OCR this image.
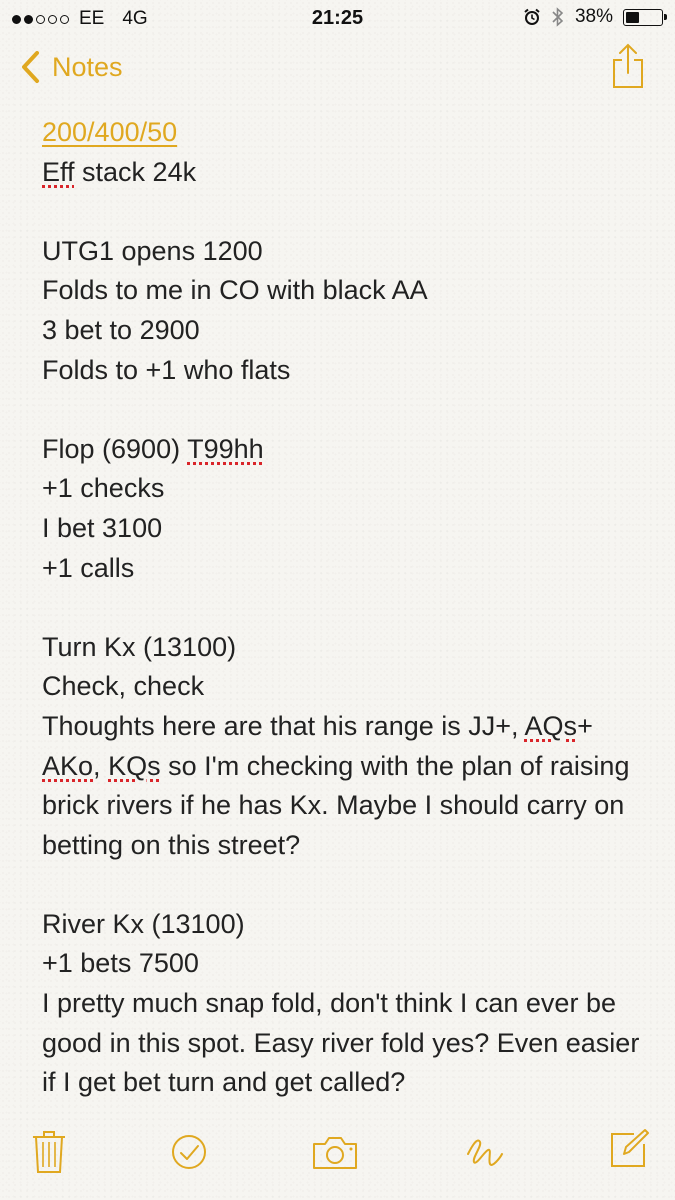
EE 4G	21:25	38%
Notes
200/400/50
Eff stack 24k
UTG1 opens 1200
Folds to me in CO with black AA
3 bet to 2900
Folds to +1 who flats
Flop (6900) T99hh
+1 checks
I bet 3100
+1 calls
Turn Kx (13100)
Check, check
Thoughts here are that his range is JJ+, AQs+ AKo, KQs so I'm checking with the plan of raising brick rivers if he has Kx. Maybe I should carry on betting on this street?
River Kx (13100)
+1 bets 7500
I pretty much snap fold, don't think I can ever be good in this spot. Easy river fold yes? Even easier if I get bet turn and get called?
